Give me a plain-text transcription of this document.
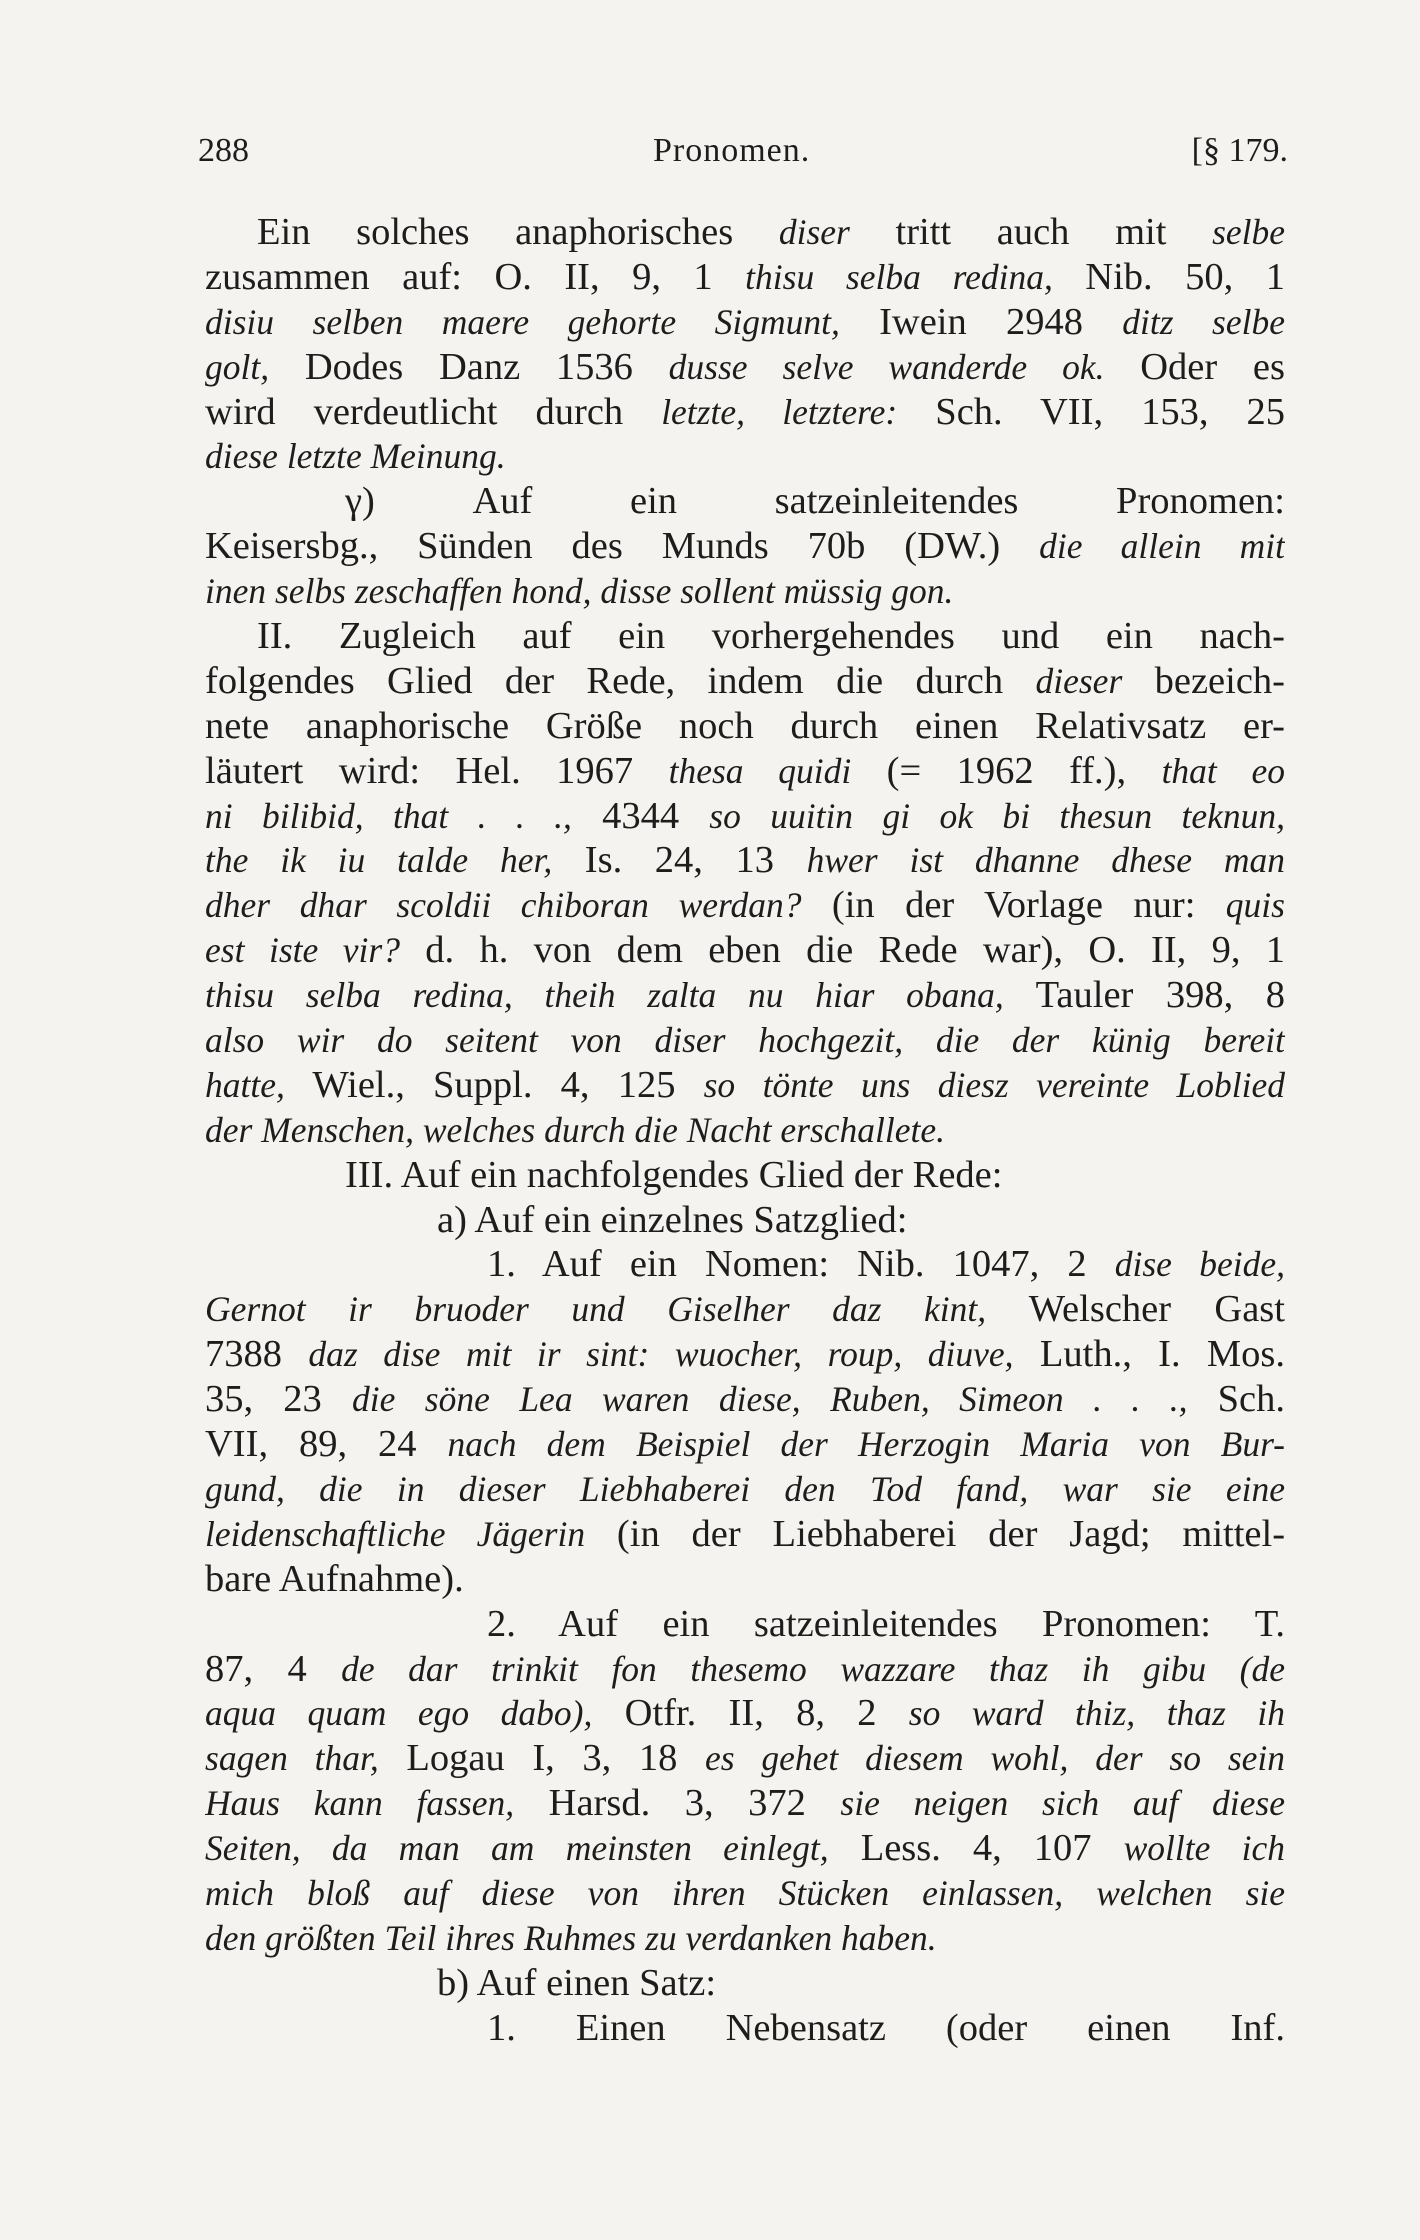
288	Pronomen.	[§ 179.
Ein solches anaphorisches diser tritt auch mit selbe
zusammen auf: O. II, 9, 1 thisu selba redina, Nib. 50, 1
disiu selben maere gehorte Sigmunt, Iwein 2948 ditz selbe
golt, Dodes Danz 1536 dusse selve wanderde ok. Oder es
wird verdeutlicht durch letzte, letztere: Sch. VII, 153, 25
diese letzte Meinung.
γ) Auf ein satzeinleitendes Pronomen:
Keisersbg., Sünden des Munds 70b (DW.) die allein mit
inen selbs zeschaffen hond, disse sollent müssig gon.
II. Zugleich auf ein vorhergehendes und ein nach-
folgendes Glied der Rede, indem die durch dieser bezeich-
nete anaphorische Größe noch durch einen Relativsatz er-
läutert wird: Hel. 1967 thesa quidi (= 1962 ff.), that eo
ni bilibid, that . . ., 4344 so uuitin gi ok bi thesun teknun,
the ik iu talde her, Is. 24, 13 hwer ist dhanne dhese man
dher dhar scoldii chiboran werdan? (in der Vorlage nur: quis
est iste vir? d. h. von dem eben die Rede war), O. II, 9, 1
thisu selba redina, theih zalta nu hiar obana, Tauler 398, 8
also wir do seitent von diser hochgezit, die der künig bereit
hatte, Wiel., Suppl. 4, 125 so tönte uns diesz vereinte Loblied
der Menschen, welches durch die Nacht erschallete.
III. Auf ein nachfolgendes Glied der Rede:
a) Auf ein einzelnes Satzglied:
1. Auf ein Nomen: Nib. 1047, 2 dise beide,
Gernot ir bruoder und Giselher daz kint, Welscher Gast
7388 daz dise mit ir sint: wuocher, roup, diuve, Luth., I. Mos.
35, 23 die söne Lea waren diese, Ruben, Simeon . . ., Sch.
VII, 89, 24 nach dem Beispiel der Herzogin Maria von Bur-
gund, die in dieser Liebhaberei den Tod fand, war sie eine
leidenschaftliche Jägerin (in der Liebhaberei der Jagd; mittel-
bare Aufnahme).
2. Auf ein satzeinleitendes Pronomen: T.
87, 4 de dar trinkit fon thesemo wazzare thaz ih gibu (de
aqua quam ego dabo), Otfr. II, 8, 2 so ward thiz, thaz ih
sagen thar, Logau I, 3, 18 es gehet diesem wohl, der so sein
Haus kann fassen, Harsd. 3, 372 sie neigen sich auf diese
Seiten, da man am meinsten einlegt, Less. 4, 107 wollte ich
mich bloß auf diese von ihren Stücken einlassen, welchen sie
den größten Teil ihres Ruhmes zu verdanken haben.
b) Auf einen Satz:
1. Einen Nebensatz (oder einen Inf.
